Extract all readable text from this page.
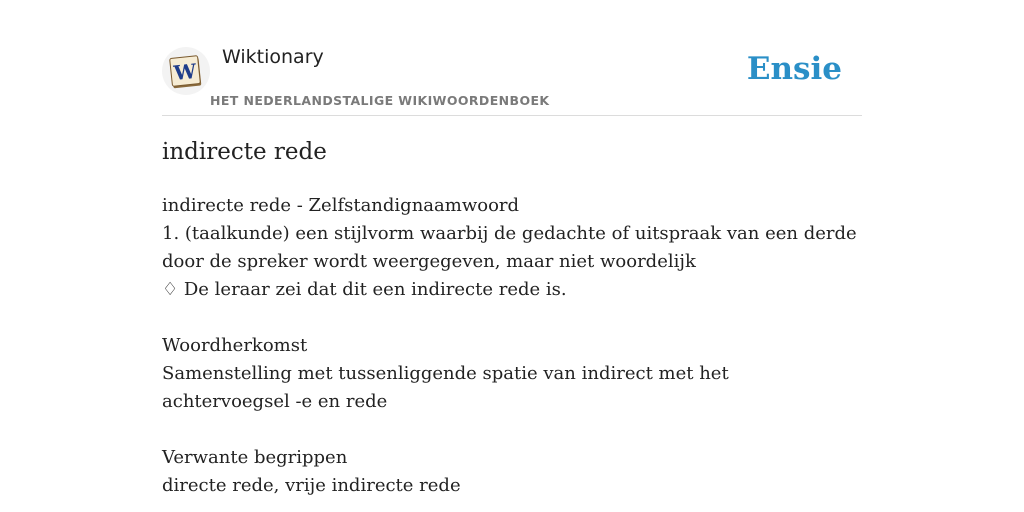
W
Wiktionary
HET NEDERLANDSTALIGE WIKIWOORDENBOEK
Ensie
indirecte rede

indirecte rede - Zelfstandignaamwoord

1. (taalkunde) een stijlvorm waarbij de gedachte of uitspraak van een derde door de spreker wordt weergegeven, maar niet woordelijk

♢ De leraar zei dat dit een indirecte rede is.

Woordherkomst

Samenstelling met tussenliggende spatie van indirect met het achtervoegsel -e en rede

Verwante begrippen

directe rede, vrije indirecte rede
